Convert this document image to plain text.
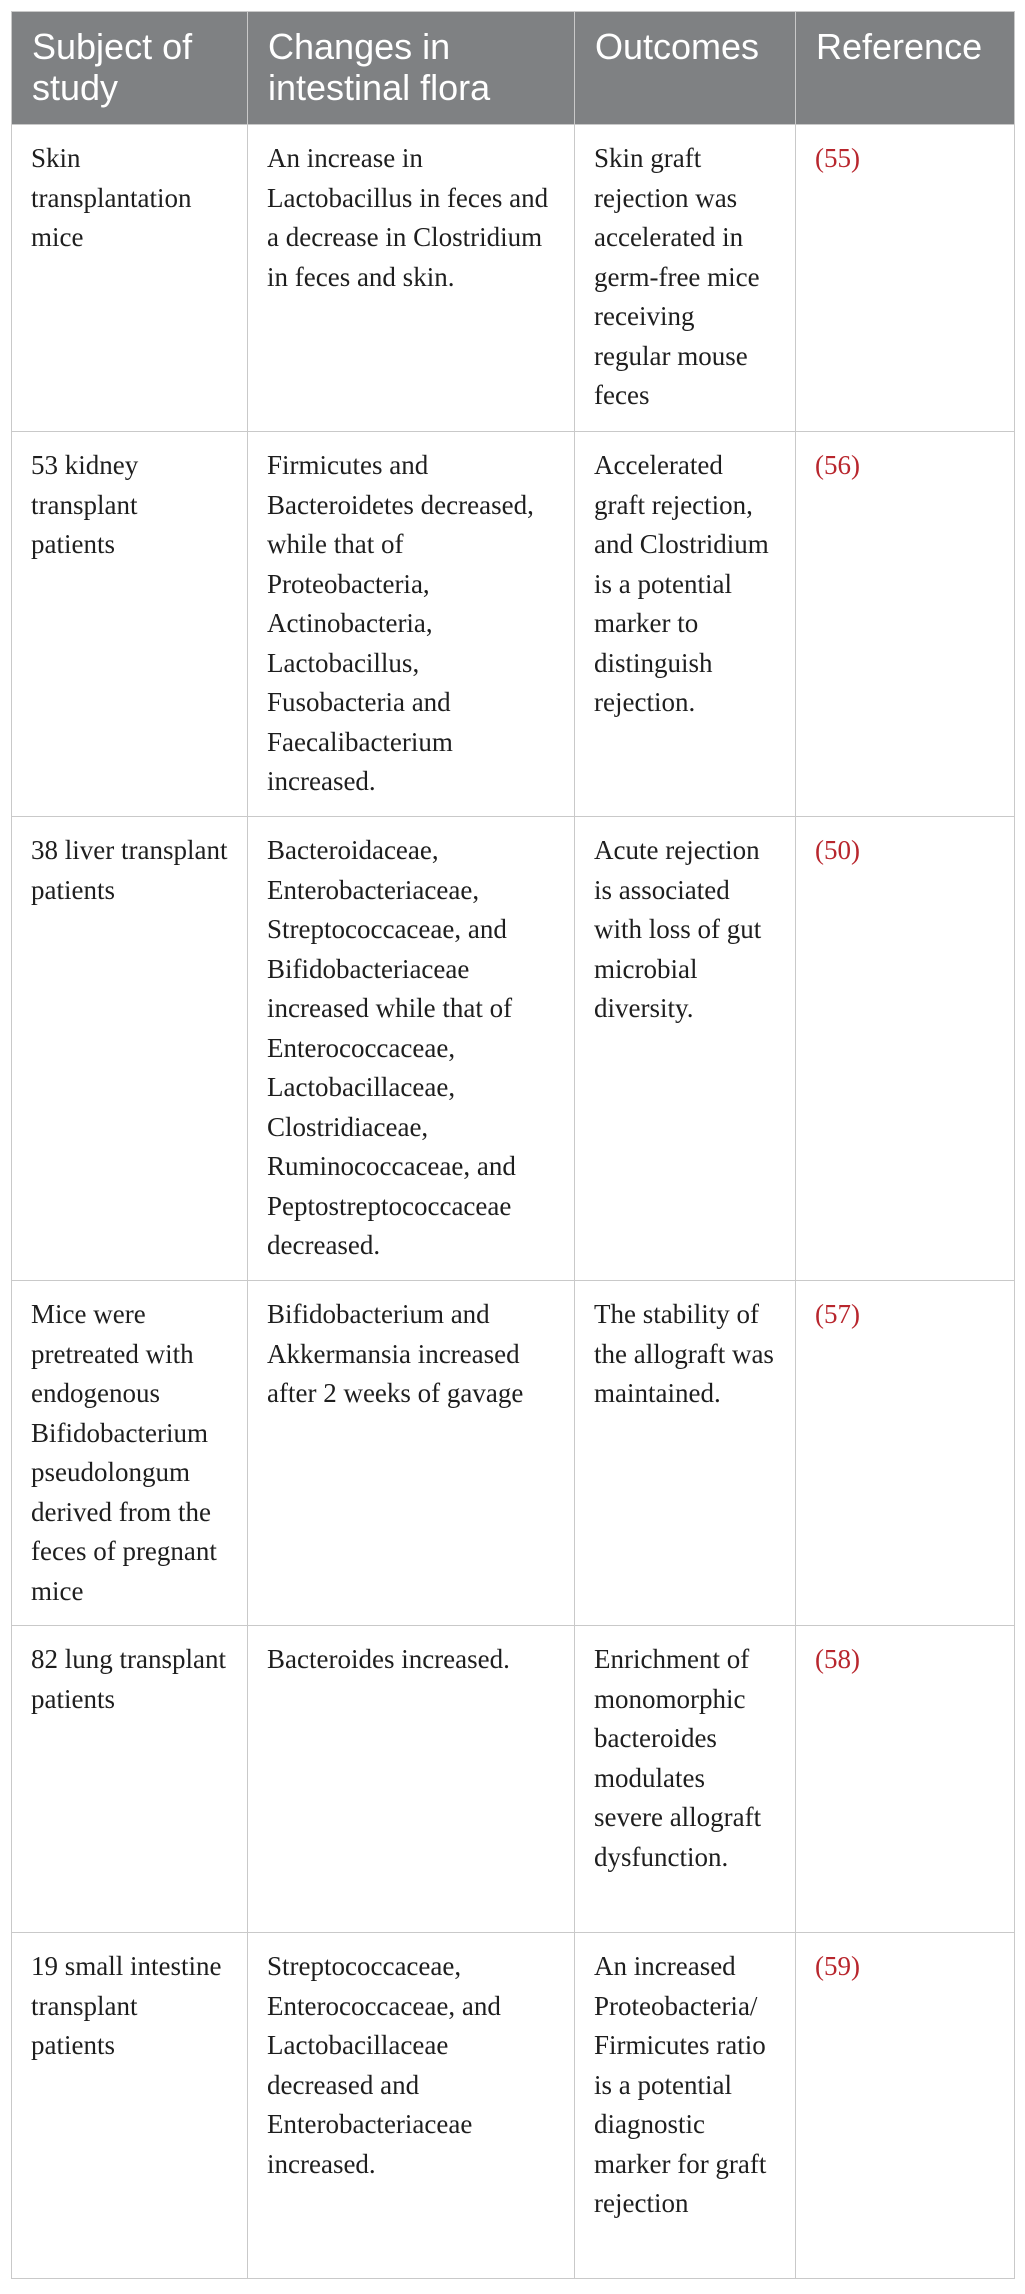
Subject of study	Changes in intestinal flora	Outcomes	Reference
Skin transplantation mice	An increase in Lactobacillus in feces and a decrease in Clostridium in feces and skin.	Skin graft rejection was accelerated in germ-free mice receiving regular mouse feces	(55)
53 kidney transplant patients	Firmicutes and Bacteroidetes decreased, while that of Proteobacteria, Actinobacteria, Lactobacillus, Fusobacteria and Faecalibacterium increased.	Accelerated graft rejection, and Clostridium is a potential marker to distinguish rejection.	(56)
38 liver transplant patients	Bacteroidaceae, Enterobacteriaceae, Streptococcaceae, and Bifidobacteriaceae increased while that of Enterococcaceae, Lactobacillaceae, Clostridiaceae, Ruminococcaceae, and Peptostreptococcaceae decreased.	Acute rejection is associated with loss of gut microbial diversity.	(50)
Mice were pretreated with endogenous Bifidobacterium pseudolongum derived from the feces of pregnant mice	Bifidobacterium and Akkermansia increased after 2 weeks of gavage	The stability of the allograft was maintained.	(57)
82 lung transplant patients	Bacteroides increased.	Enrichment of monomorphic bacteroides modulates severe allograft dysfunction.	(58)
19 small intestine transplant patients	Streptococcaceae, Enterococcaceae, and Lactobacillaceae decreased and Enterobacteriaceae increased.	An increased Proteobacteria/ Firmicutes ratio is a potential diagnostic marker for graft rejection	(59)
